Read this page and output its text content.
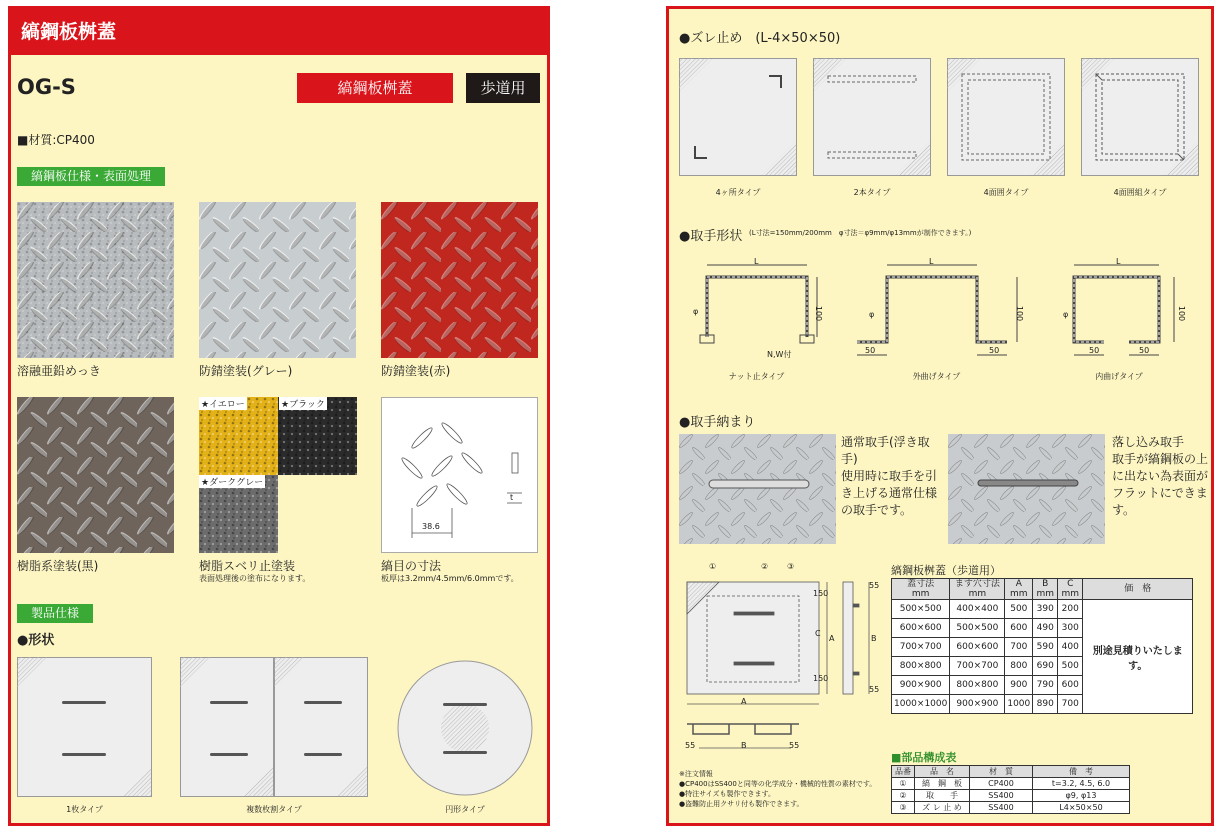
縞鋼板桝蓋
OG-S	縞鋼板桝蓋	歩道用
■材質:CP400
縞鋼板仕様・表面処理
溶融亜鉛めっき	防錆塗装(グレー)	防錆塗装(赤)
★イエロー	★ブラック
★ダークグレー
38.6
t
樹脂系塗装(黒)	樹脂スベリ止塗装
表面処理後の塗布になります。
縞目の寸法
板厚は3.2mm/4.5mm/6.0mmです。
製品仕様
●形状
1枚タイプ	複数枚割タイプ	円形タイプ
●ズレ止め　(L-4×50×50)
4ヶ所タイプ	2本タイプ	4面囲タイプ	4面囲組タイプ
●取手形状 (L寸法=150mm/200mm　φ寸法＝φ9mm/φ13mmが制作できます。)
L
100
φ
N,W付
L
100
φ
50	50
L
100
φ
50	50
ナット止タイプ	外曲げタイプ	内曲げタイプ
●取手納まり
通常取手(浮き取
手)
使用時に取手を引
き上げる通常仕様
の取手です。
落し込み取手
取手が縞鋼板の上
に出ない為表面が
フラットにできま
す。
①	② ③
A
A
B
B
C
150
150
55
55
55	55
縞鋼板桝蓋（歩道用）
蓋寸法
mm	ます穴寸法
mm	A
mm	B
mm	C
mm	価　格
500×500	400×400	500	390	200	別途見積りいたします。
600×600	500×500	600	490	300	
700×700	600×600	700	590	400	
800×800	700×700	800	690	500	
900×900	800×800	900	790	600	
1000×1000	900×900	1000	890	700	
※注文情報
●CP400はSS400と同等の化学成分・機械的性質の素材です。
●特注サイズも製作できます。
●盗難防止用クサリ付も製作できます。
■部品構成表
品番	品　名	材　質	備　考
①	縞　鋼　板	CP400	t=3.2, 4.5, 6.0
②	取　　手	SS400	φ9, φ13
③	ズ レ 止 め	SS400	L4×50×50
